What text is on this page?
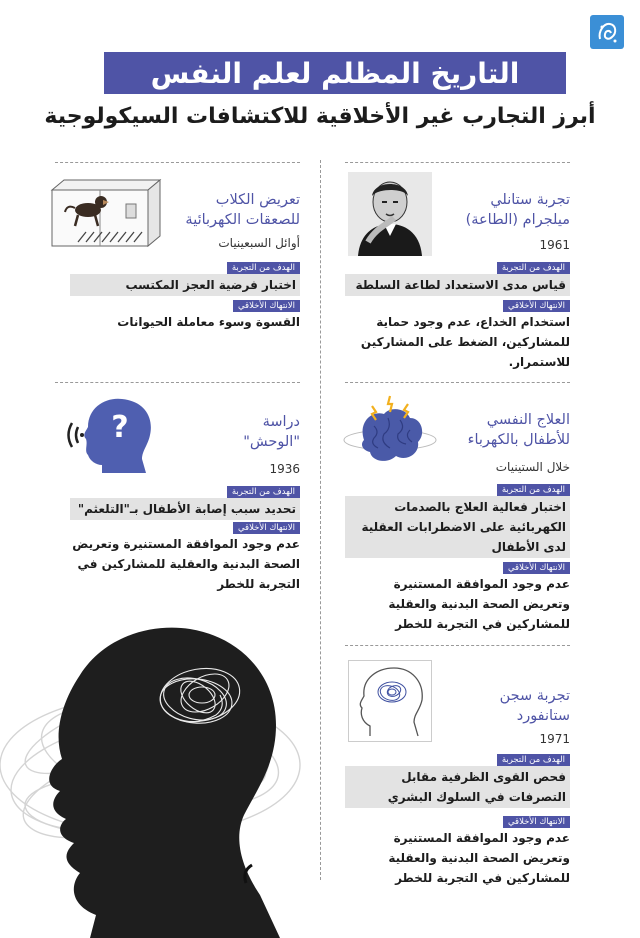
التاريخ المظلم لعلم النفس
أبرز التجارب غير الأخلاقية للاكتشافات السيكولوجية
تجربة ستانلي
ميلجرام (الطاعة)
1961
الهدف من التجربة
قياس مدى الاستعداد لطاعة السلطة
الانتهاك الأخلاقي
استخدام الخداع، عدم وجود حماية للمشاركين، الضغط على المشاركين للاستمرار.
تعريض الكلاب
للصعقات الكهربائية
أوائل السبعينيات
الهدف من التجربة
اختبار فرضية العجز المكتسب
الانتهاك الأخلاقي
القسوة وسوء معاملة الحيوانات
العلاج النفسي
للأطفال بالكهرباء
خلال الستينيات
الهدف من التجربة
اختبار فعالية العلاج بالصدمات الكهربائية على الاضطرابات العقلية لدى الأطفال
الانتهاك الأخلاقي
عدم وجود الموافقة المستنيرة وتعريض الصحة البدنية والعقلية للمشاركين في التجربة للخطر
?	دراسة
"الوحش"
1936
الهدف من التجربة
تحديد سبب إصابة الأطفال بـ"التلعثم"
الانتهاك الأخلاقي
عدم وجود الموافقة المستنيرة وتعريض الصحة البدنية والعقلية للمشاركين في التجربة للخطر
تجربة سجن
ستانفورد
1971
الهدف من التجربة
فحص القوى الظرفية مقابل التصرفات في السلوك البشري
الانتهاك الأخلاقي
عدم وجود الموافقة المستنيرة وتعريض الصحة البدنية والعقلية للمشاركين في التجربة للخطر
